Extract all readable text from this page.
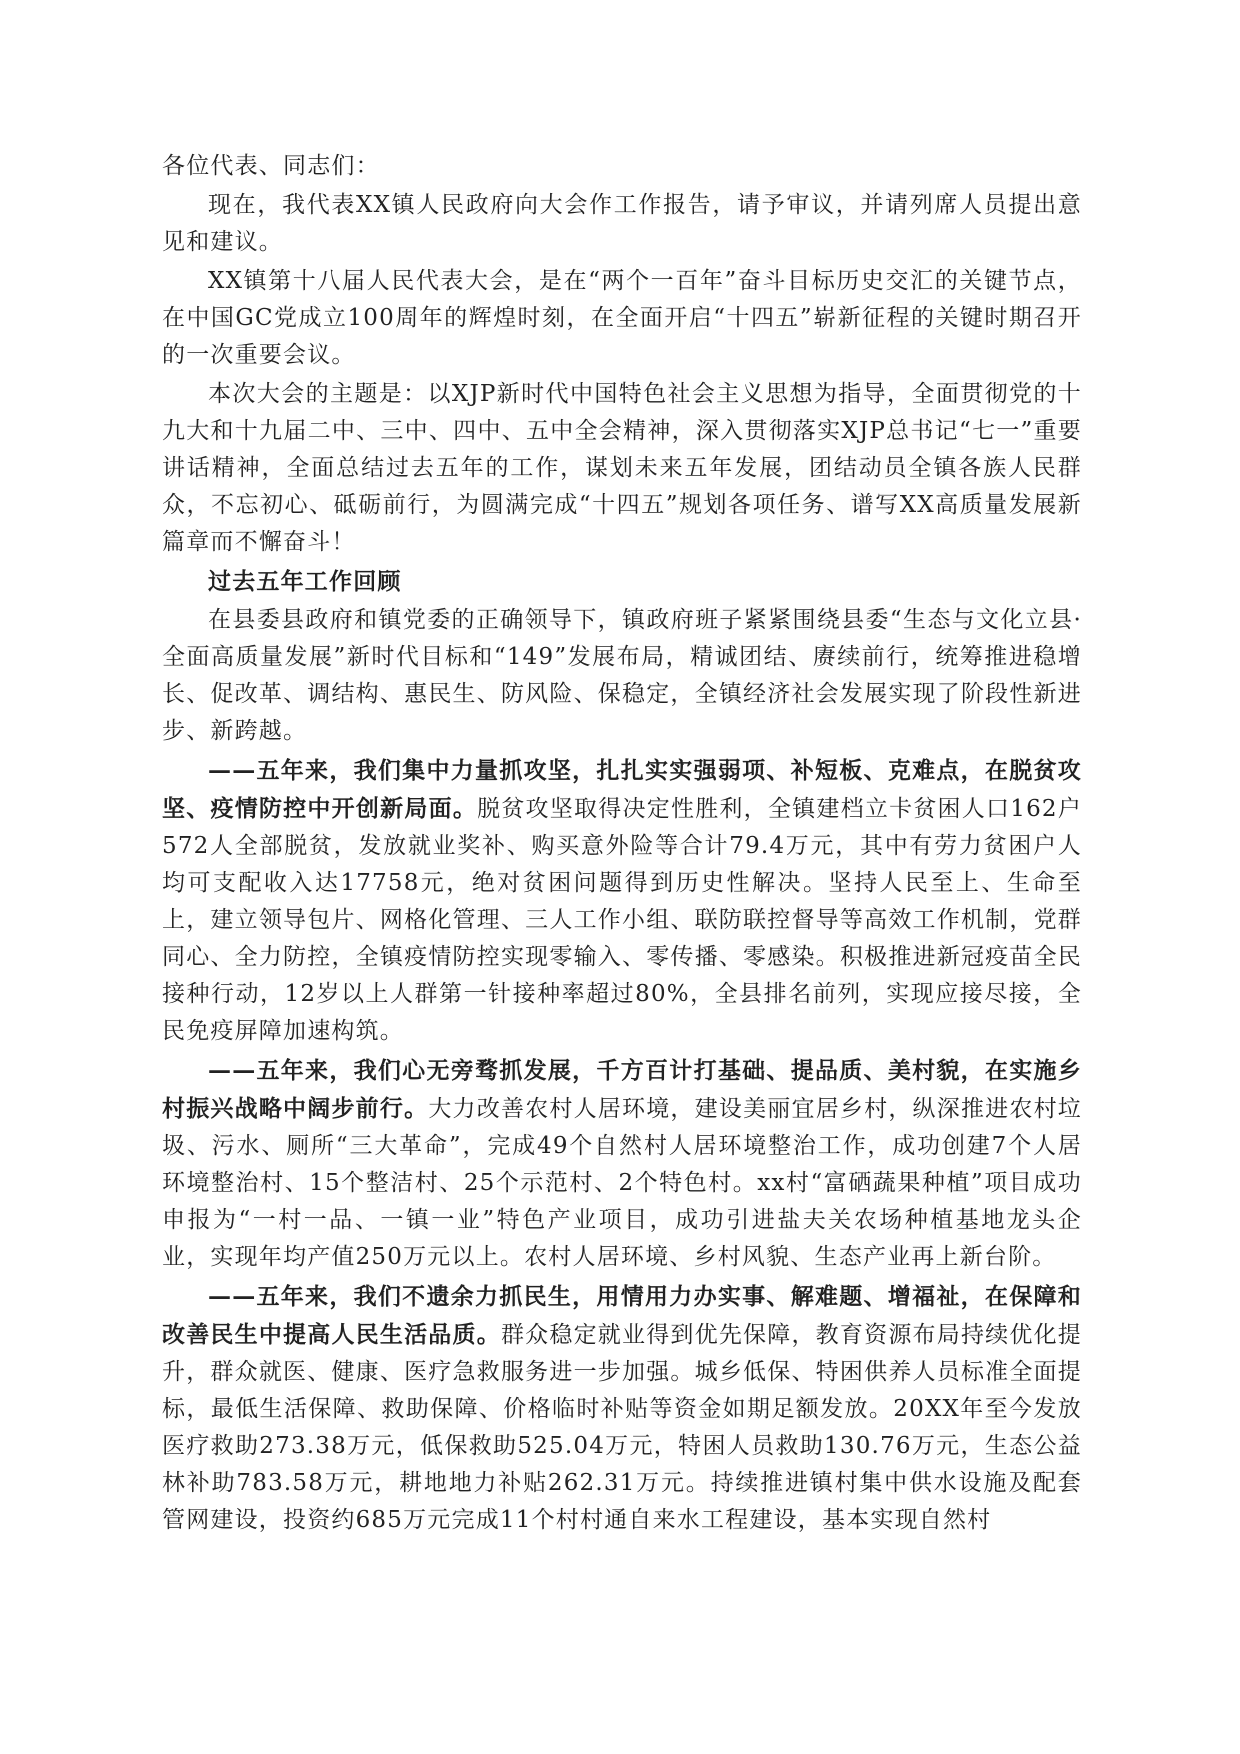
各位代表、同志们：

现在，我代表XX镇人民政府向大会作工作报告，请予审议，并请列席人员提出意见和建议。

XX镇第十八届人民代表大会，是在“两个一百年”奋斗目标历史交汇的关键节点，在中国GC党成立100周年的辉煌时刻，在全面开启“十四五”崭新征程的关键时期召开的一次重要会议。

本次大会的主题是：以XJP新时代中国特色社会主义思想为指导，全面贯彻党的十九大和十九届二中、三中、四中、五中全会精神，深入贯彻落实XJP总书记“七一”重要讲话精神，全面总结过去五年的工作，谋划未来五年发展，团结动员全镇各族人民群众，不忘初心、砥砺前行，为圆满完成“十四五”规划各项任务、谱写XX高质量发展新篇章而不懈奋斗！

过去五年工作回顾

在县委县政府和镇党委的正确领导下，镇政府班子紧紧围绕县委“生态与文化立县·全面高质量发展”新时代目标和“149”发展布局，精诚团结、赓续前行，统筹推进稳增长、促改革、调结构、惠民生、防风险、保稳定，全镇经济社会发展实现了阶段性新进步、新跨越。

——五年来，我们集中力量抓攻坚，扎扎实实强弱项、补短板、克难点，在脱贫攻坚、疫情防控中开创新局面。脱贫攻坚取得决定性胜利，全镇建档立卡贫困人口162户572人全部脱贫，发放就业奖补、购买意外险等合计79.4万元，其中有劳力贫困户人均可支配收入达17758元，绝对贫困问题得到历史性解决。坚持人民至上、生命至上，建立领导包片、网格化管理、三人工作小组、联防联控督导等高效工作机制，党群同心、全力防控，全镇疫情防控实现零输入、零传播、零感染。积极推进新冠疫苗全民接种行动，12岁以上人群第一针接种率超过80%，全县排名前列，实现应接尽接，全民免疫屏障加速构筑。

——五年来，我们心无旁骛抓发展，千方百计打基础、提品质、美村貌，在实施乡村振兴战略中阔步前行。大力改善农村人居环境，建设美丽宜居乡村，纵深推进农村垃圾、污水、厕所“三大革命”，完成49个自然村人居环境整治工作，成功创建7个人居环境整治村、15个整洁村、25个示范村、2个特色村。xx村“富硒蔬果种植”项目成功申报为“一村一品、一镇一业”特色产业项目，成功引进盐夫关农场种植基地龙头企业，实现年均产值250万元以上。农村人居环境、乡村风貌、生态产业再上新台阶。

——五年来，我们不遗余力抓民生，用情用力办实事、解难题、增福祉，在保障和改善民生中提高人民生活品质。群众稳定就业得到优先保障，教育资源布局持续优化提升，群众就医、健康、医疗急救服务进一步加强。城乡低保、特困供养人员标准全面提标，最低生活保障、救助保障、价格临时补贴等资金如期足额发放。20XX年至今发放医疗救助273.38万元，低保救助525.04万元，特困人员救助130.76万元，生态公益林补助783.58万元，耕地地力补贴262.31万元。持续推进镇村集中供水设施及配套管网建设，投资约685万元完成11个村村通自来水工程建设，基本实现自然村
